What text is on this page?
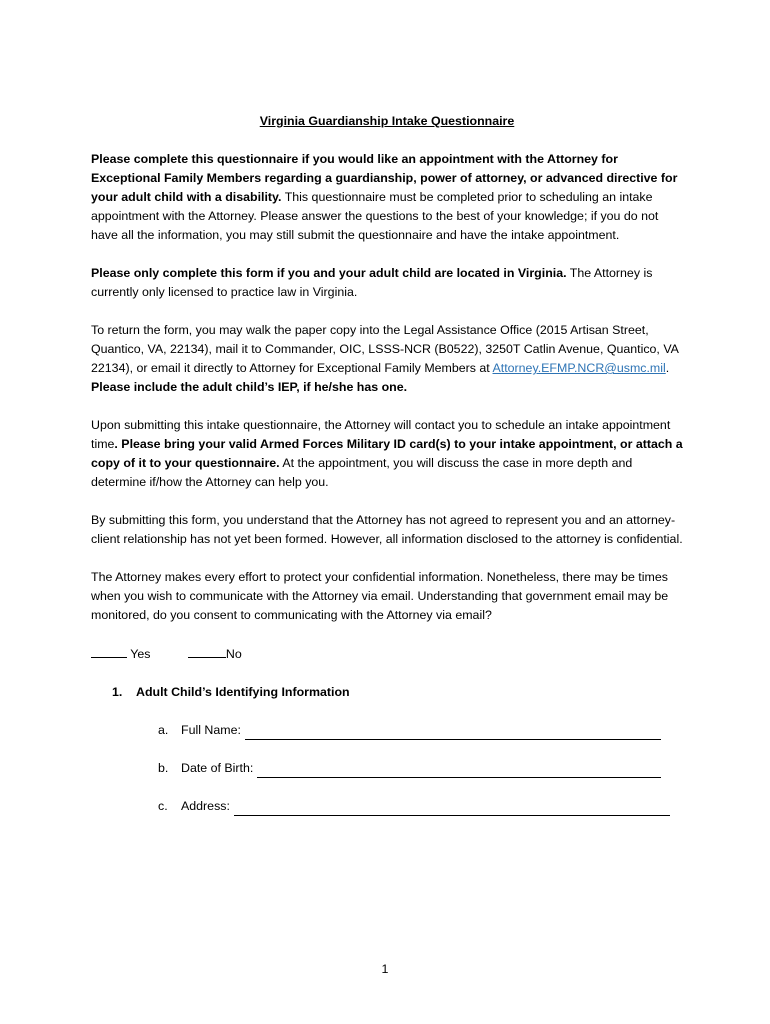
Virginia Guardianship Intake Questionnaire

Please complete this questionnaire if you would like an appointment with the Attorney for Exceptional Family Members regarding a guardianship, power of attorney, or advanced directive for your adult child with a disability. This questionnaire must be completed prior to scheduling an intake appointment with the Attorney. Please answer the questions to the best of your knowledge; if you do not have all the information, you may still submit the questionnaire and have the intake appointment.

Please only complete this form if you and your adult child are located in Virginia. The Attorney is currently only licensed to practice law in Virginia.

To return the form, you may walk the paper copy into the Legal Assistance Office (2015 Artisan Street, Quantico, VA, 22134), mail it to Commander, OIC, LSSS-NCR (B0522), 3250T Catlin Avenue, Quantico, VA 22134), or email it directly to Attorney for Exceptional Family Members at Attorney.EFMP.NCR@usmc.mil. Please include the adult child’s IEP, if he/she has one.

Upon submitting this intake questionnaire, the Attorney will contact you to schedule an intake appointment time. Please bring your valid Armed Forces Military ID card(s) to your intake appointment, or attach a copy of it to your questionnaire. At the appointment, you will discuss the case in more depth and determine if/how the Attorney can help you.

By submitting this form, you understand that the Attorney has not agreed to represent you and an attorney-client relationship has not yet been formed. However, all information disclosed to the attorney is confidential.

The Attorney makes every effort to protect your confidential information. Nonetheless, there may be times when you wish to communicate with the Attorney via email. Understanding that government email may be monitored, do you consent to communicating with the Attorney via email?

Yes	No
1. Adult Child’s Identifying Information
a.	Full Name:
b.	Date of Birth:
c.	Address:
1
